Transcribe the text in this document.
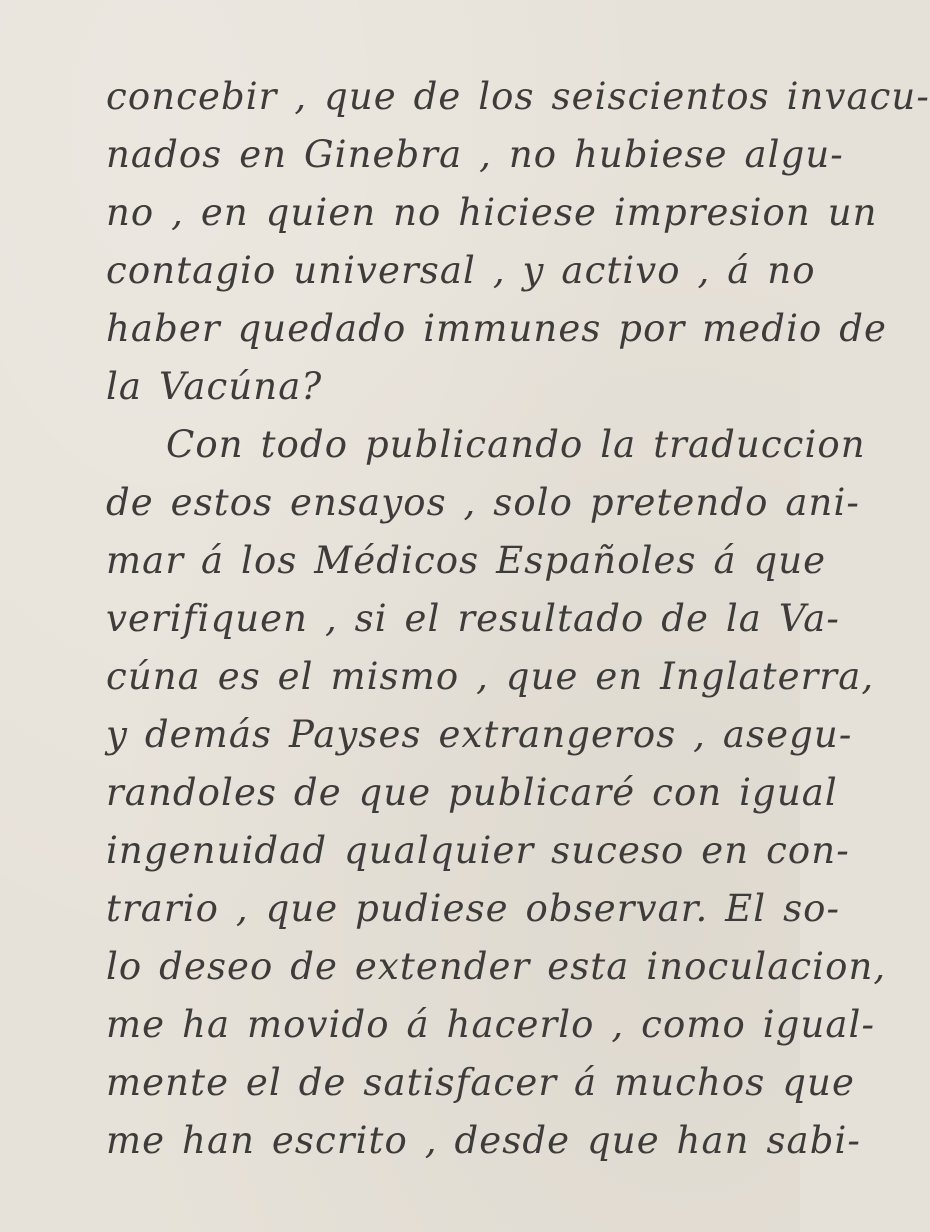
concebir , que de los seiscientos invacu-
nados en Ginebra , no hubiese algu-
no , en quien no hiciese impresion un
contagio universal , y activo , á no
haber quedado immunes por medio de
la Vacúna?
Con todo publicando la traduccion
de estos ensayos , solo pretendo ani-
mar á los Médicos Españoles á que
verifiquen , si el resultado de la Va-
cúna es el mismo , que en Inglaterra,
y demás Payses extrangeros , asegu-
randoles de que publicaré con igual
ingenuidad qualquier suceso en con-
trario , que pudiese observar. El so-
lo deseo de extender esta inoculacion,
me ha movido á hacerlo , como igual-
mente el de satisfacer á muchos que
me han escrito , desde que han sabi-
